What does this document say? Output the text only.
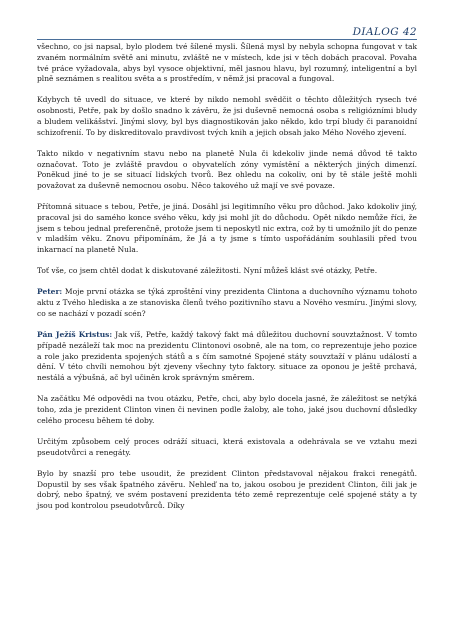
DIALOG 42

všechno, co jsi napsal, bylo plodem tvé šílené mysli. Šílená mysl by nebyla schopna fungovat v tak zvaném normálním světě ani minutu, zvláště ne v místech, kde jsi v těch dobách pracoval. Povaha tvé práce vyžadovala, abys byl vysoce objektivní, měl jasnou hlavu, byl rozumný, inteligentní a byl plně seznámen s realitou světa a s prostředím, v němž jsi pracoval a fungoval.

Kdybych tě uvedl do situace, ve které by nikdo nemohl svědčit o těchto důležitých rysech tvé osobnosti, Petře, pak by došlo snadno k závěru, že jsi duševně nemocná osoba s religiózními bludy a bludem velikášství. Jinými slovy, byl bys diagnostikován jako někdo, kdo trpí bludy či paranoidní schizofrenií. To by diskreditovalo pravdivost tvých knih a jejich obsah jako Mého Nového zjevení.

Takto nikdo v negativním stavu nebo na planetě Nula či kdekoliv jinde nemá důvod tě takto označovat. Toto je zvláště pravdou o obyvatelích zóny vymístění a některých jiných dimenzí. Poněkud jiné to je se situací lidských tvorů. Bez ohledu na cokoliv, oni by tě stále ještě mohli považovat za duševně nemocnou osobu. Něco takového už mají ve své povaze.

Přítomná situace s tebou, Petře, je jiná. Dosáhl jsi legitimního věku pro důchod. Jako kdokoliv jiný, pracoval jsi do samého konce svého věku, kdy jsi mohl jít do důchodu. Opět nikdo nemůže říci, že jsem s tebou jednal preferenčně, protože jsem ti neposkytl nic extra, což by ti umožnilo jít do penze v mladším věku. Znovu připomínám, že Já a ty jsme s tímto uspořádáním souhlasili před tvou inkarnací na planetě Nula.

Toť vše, co jsem chtěl dodat k diskutované záležitosti. Nyní můžeš klást své otázky, Petře.

Peter: Moje první otázka se týká zproštění viny prezidenta Clintona a duchovního významu tohoto aktu z Tvého hlediska a ze stanoviska členů tvého pozitivního stavu a Nového vesmíru. Jinými slovy, co se nachází v pozadí scén?

Pán Ježíš Kristus: Jak víš, Petře, každý takový fakt má důležitou duchovní souvztažnost. V tomto případě nezáleží tak moc na prezidentu Clintonovi osobně, ale na tom, co reprezentuje jeho pozice a role jako prezidenta spojených států a s čím samotné Spojené státy souvztaží v plánu událostí a dění. V této chvíli nemohou být zjeveny všechny tyto faktory. situace za oponou je ještě prchavá, nestálá a výbušná, ač byl učiněn krok správným směrem.

Na začátku Mé odpovědi na tvou otázku, Petře, chci, aby bylo docela jasné, že záležitost se netýká toho, zda je prezident Clinton vinen či nevinen podle žaloby, ale toho, jaké jsou duchovní důsledky celého procesu během té doby.

Určitým způsobem celý proces odráží situaci, která existovala a odehrávala se ve vztahu mezi pseudotvůrci a renegáty.

Bylo by snazší pro tebe usoudit, že prezident Clinton představoval nějakou frakci renegátů. Dopustil by ses však špatného závěru. Nehleď na to, jakou osobou je prezident Clinton, čili jak je dobrý, nebo špatný, ve svém postavení prezidenta této země reprezentuje celé spojené státy a ty jsou pod kontrolou pseudotvůrců. Díky
